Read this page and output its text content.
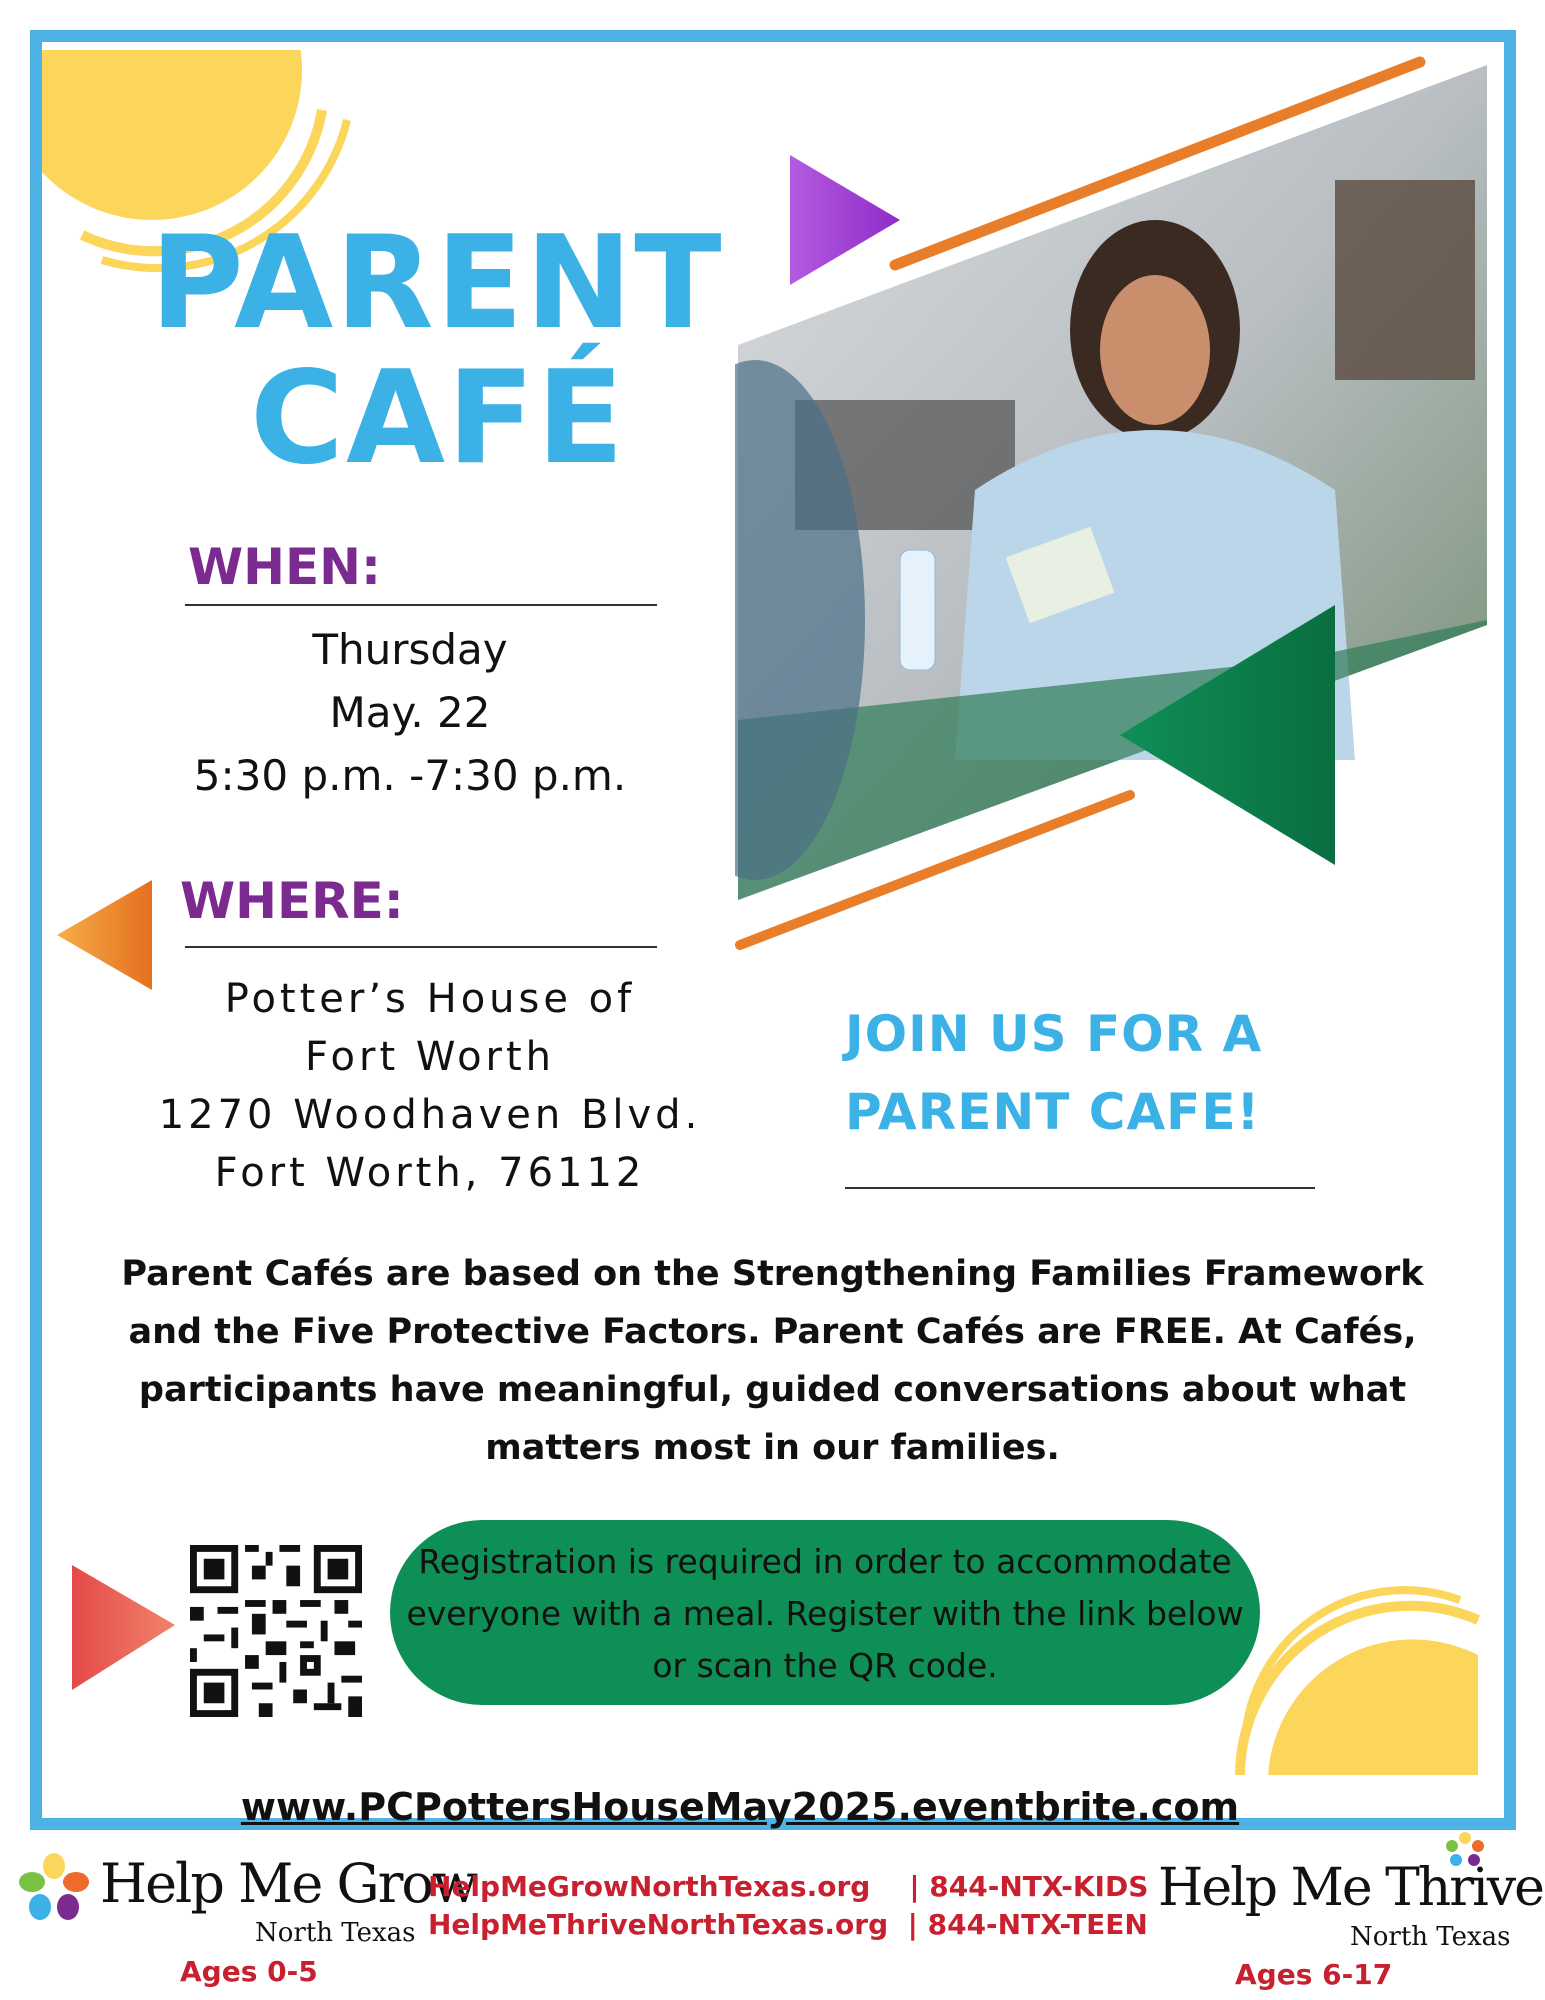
PARENT
CAFÉ
WHEN:
Thursday
May. 22
5:30 p.m. -7:30 p.m.
WHERE:
Potter’s House of
Fort Worth
1270 Woodhaven Blvd.
Fort Worth, 76112
JOIN US FOR A
PARENT CAFE!
Parent Cafés are based on the Strengthening Families Framework and the Five Protective Factors. Parent Cafés are FREE. At Cafés, participants have meaningful, guided conversations about what matters most in our families.
Registration is required in order to accommodate everyone with a meal. Register with the link below or scan the QR code.
www.PCPottersHouseMay2025.eventbrite.com
Help Me Grow
North Texas
Ages 0-5
HelpMeGrowNorthTexas.org | 844-NTX-KIDS
HelpMeThriveNorthTexas.org | 844-NTX-TEEN
Help Me Thrive
North Texas
Ages 6-17
